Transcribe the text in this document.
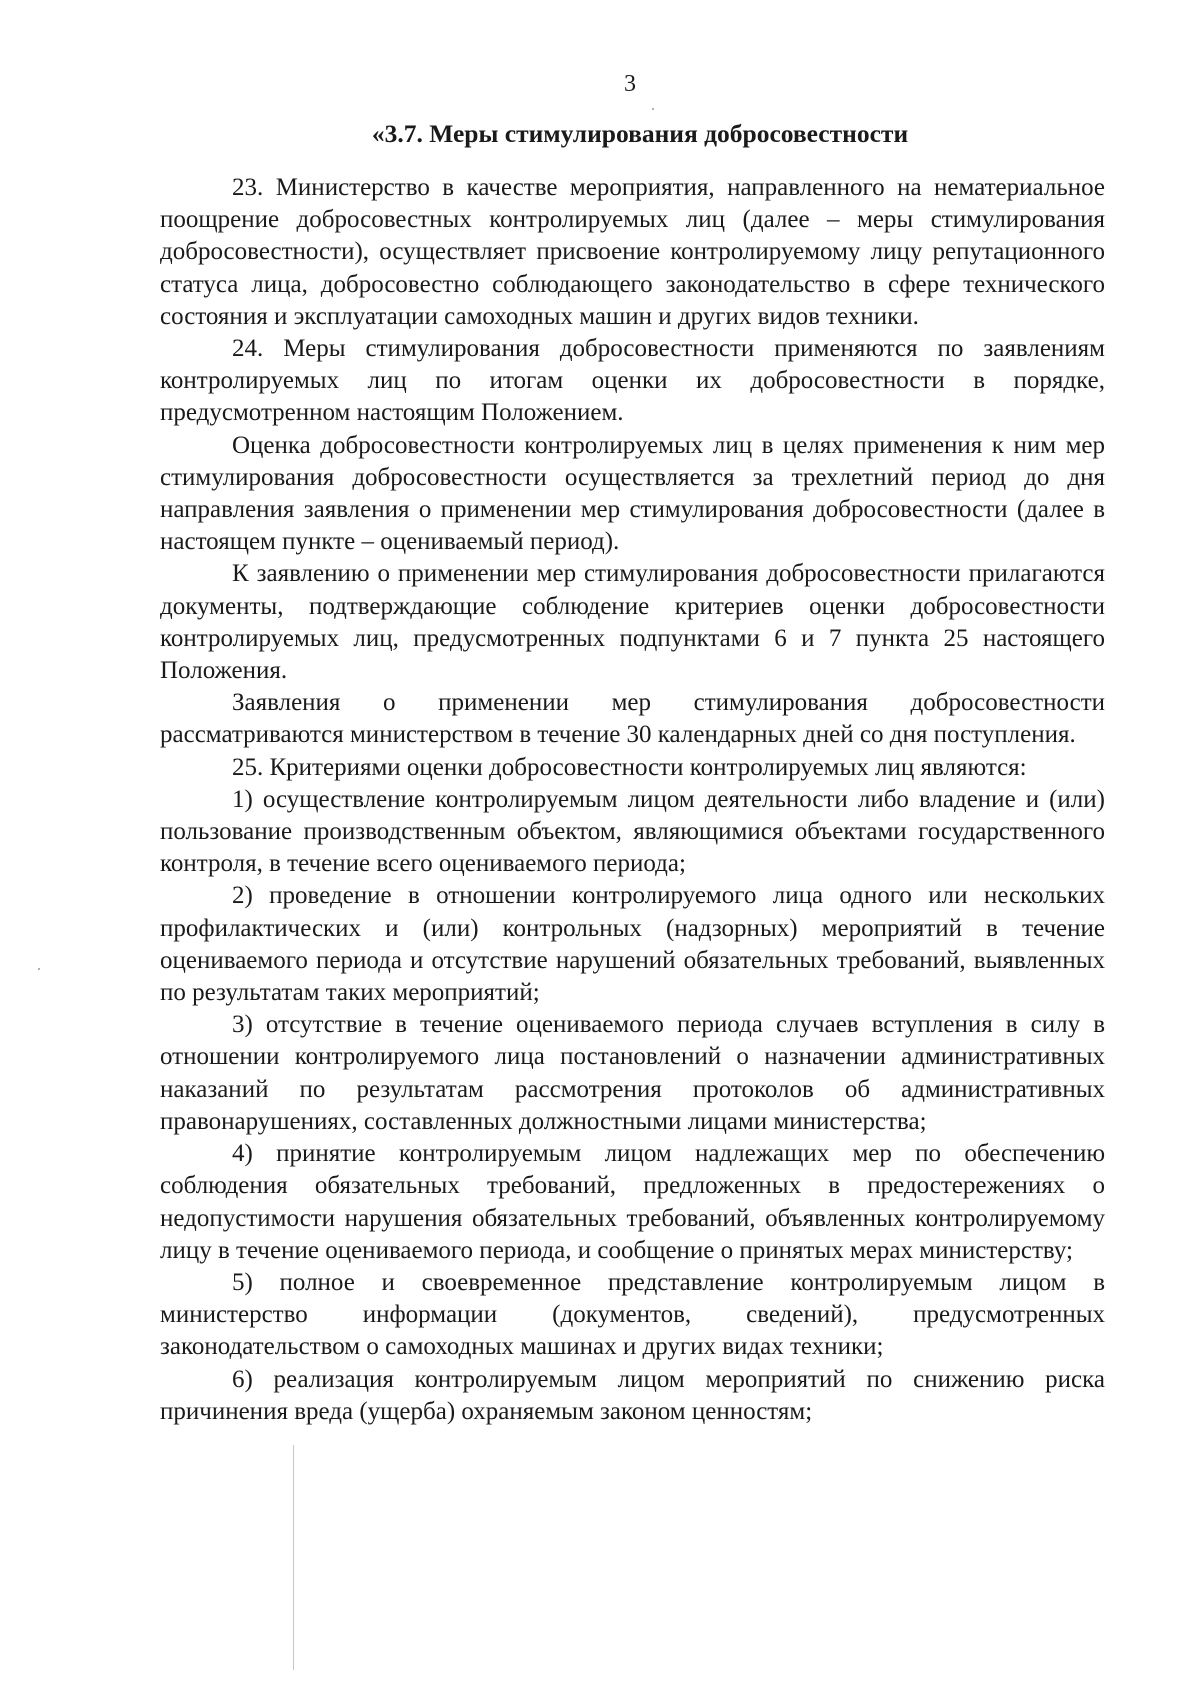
3
«3.7. Меры стимулирования добросовестности

23. Министерство в качестве мероприятия, направленного на нематериальное поощрение добросовестных контролируемых лиц (далее – меры стимулирования добросовестности), осуществляет присвоение контролируемому лицу репутационного статуса лица, добросовестно соблюдающего законодательство в сфере технического состояния и эксплуатации самоходных машин и других видов техники.

24. Меры стимулирования добросовестности применяются по заявлениям контролируемых лиц по итогам оценки их добросовестности в порядке, предусмотренном настоящим Положением.

Оценка добросовестности контролируемых лиц в целях применения к ним мер стимулирования добросовестности осуществляется за трехлетний период до дня направления заявления о применении мер стимулирования добросовестности (далее в настоящем пункте – оцениваемый период).

К заявлению о применении мер стимулирования добросовестности прилагаются документы, подтверждающие соблюдение критериев оценки добросовестности контролируемых лиц, предусмотренных подпунктами 6 и 7 пункта 25 настоящего Положения.

Заявления о применении мер стимулирования добросовестности рассматриваются министерством в течение 30 календарных дней со дня поступления.

25. Критериями оценки добросовестности контролируемых лиц являются:

1) осуществление контролируемым лицом деятельности либо владение и (или) пользование производственным объектом, являющимися объектами государственного контроля, в течение всего оцениваемого периода;

2) проведение в отношении контролируемого лица одного или нескольких профилактических и (или) контрольных (надзорных) мероприятий в течение оцениваемого периода и отсутствие нарушений обязательных требований, выявленных по результатам таких мероприятий;

3) отсутствие в течение оцениваемого периода случаев вступления в силу в отношении контролируемого лица постановлений о назначении административных наказаний по результатам рассмотрения протоколов об административных правонарушениях, составленных должностными лицами министерства;

4) принятие контролируемым лицом надлежащих мер по обеспечению соблюдения обязательных требований, предложенных в предостережениях о недопустимости нарушения обязательных требований, объявленных контролируемому лицу в течение оцениваемого периода, и сообщение о принятых мерах министерству;

5) полное и своевременное представление контролируемым лицом в министерство информации (документов, сведений), предусмотренных законодательством о самоходных машинах и других видах техники;

6) реализация контролируемым лицом мероприятий по снижению риска причинения вреда (ущерба) охраняемым законом ценностям;
